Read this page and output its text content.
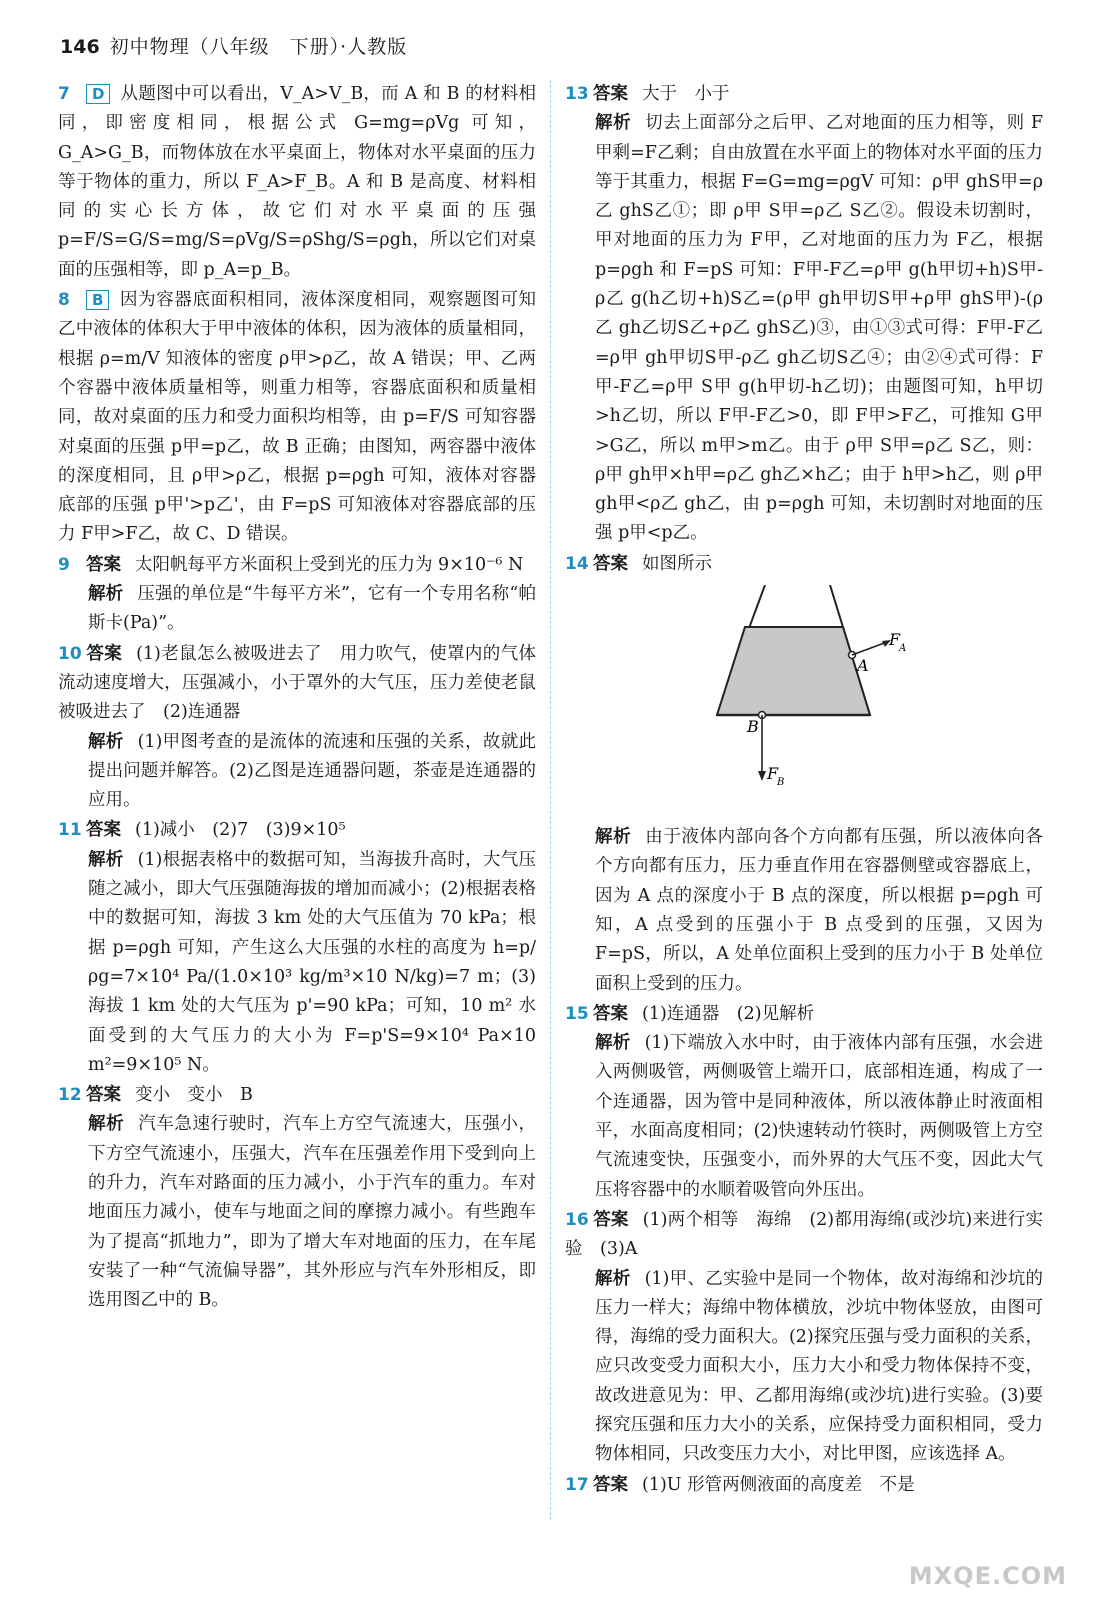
146 初中物理（八年级　下册）·人教版
7 D 从题图中可以看出，V_A>V_B，而 A 和 B 的材料相同，即密度相同，根据公式 G=mg=ρVg 可知，G_A>G_B，而物体放在水平桌面上，物体对水平桌面的压力等于物体的重力，所以 F_A>F_B。A 和 B 是高度、材料相同的实心长方体，故它们对水平桌面的压强 p=F/S=G/S=mg/S=ρVg/S=ρShg/S=ρgh，所以它们对桌面的压强相等，即 p_A=p_B。
8 B 因为容器底面积相同，液体深度相同，观察题图可知乙中液体的体积大于甲中液体的体积，因为液体的质量相同，根据 ρ=m/V 知液体的密度 ρ甲>ρ乙，故 A 错误；甲、乙两个容器中液体质量相等，则重力相等，容器底面积和质量相同，故对桌面的压力和受力面积均相等，由 p=F/S 可知容器对桌面的压强 p甲=p乙，故 B 正确；由图知，两容器中液体的深度相同，且 ρ甲>ρ乙，根据 p=ρgh 可知，液体对容器底部的压强 p甲'>p乙'，由 F=pS 可知液体对容器底部的压力 F甲>F乙，故 C、D 错误。
9 答案 太阳帆每平方米面积上受到光的压力为 9×10⁻⁶ N
解析 压强的单位是“牛每平方米”，它有一个专用名称“帕斯卡(Pa)”。
10 答案 (1)老鼠怎么被吸进去了　用力吹气，使罩内的气体流动速度增大，压强减小，小于罩外的大气压，压力差使老鼠被吸进去了　(2)连通器
解析 (1)甲图考查的是流体的流速和压强的关系，故就此提出问题并解答。(2)乙图是连通器问题，茶壶是连通器的应用。
11 答案 (1)减小　(2)7　(3)9×10⁵
解析 (1)根据表格中的数据可知，当海拔升高时，大气压随之减小，即大气压强随海拔的增加而减小；(2)根据表格中的数据可知，海拔 3 km 处的大气压值为 70 kPa；根据 p=ρgh 可知，产生这么大压强的水柱的高度为 h=p/ρg=7×10⁴ Pa/(1.0×10³ kg/m³×10 N/kg)=7 m；(3)海拔 1 km 处的大气压为 p'=90 kPa；可知，10 m² 水面受到的大气压力的大小为 F=p'S=9×10⁴ Pa×10 m²=9×10⁵ N。
12 答案 变小　变小　B
解析 汽车急速行驶时，汽车上方空气流速大，压强小，下方空气流速小，压强大，汽车在压强差作用下受到向上的升力，汽车对路面的压力减小，小于汽车的重力。车对地面压力减小，使车与地面之间的摩擦力减小。有些跑车为了提高“抓地力”，即为了增大车对地面的压力，在车尾安装了一种“气流偏导器”，其外形应与汽车外形相反，即选用图乙中的 B。
13 答案 大于　小于
解析 切去上面部分之后甲、乙对地面的压力相等，则 F甲剩=F乙剩；自由放置在水平面上的物体对水平面的压力等于其重力，根据 F=G=mg=ρgV 可知：ρ甲 ghS甲=ρ乙 ghS乙①；即 ρ甲 S甲=ρ乙 S乙②。假设未切割时，甲对地面的压力为 F甲，乙对地面的压力为 F乙，根据 p=ρgh 和 F=pS 可知：F甲-F乙=ρ甲 g(h甲切+h)S甲-ρ乙 g(h乙切+h)S乙=(ρ甲 gh甲切S甲+ρ甲 ghS甲)-(ρ乙 gh乙切S乙+ρ乙 ghS乙)③，由①③式可得：F甲-F乙=ρ甲 gh甲切S甲-ρ乙 gh乙切S乙④；由②④式可得：F甲-F乙=ρ甲 S甲 g(h甲切-h乙切)；由题图可知，h甲切>h乙切，所以 F甲-F乙>0，即 F甲>F乙，可推知 G甲>G乙，所以 m甲>m乙。由于 ρ甲 S甲=ρ乙 S乙，则：ρ甲 gh甲×h甲=ρ乙 gh乙×h乙；由于 h甲>h乙，则 ρ甲 gh甲<ρ乙 gh乙，由 p=ρgh 可知，未切割时对地面的压强 p甲<p乙。
14 答案 如图所示
A
F
A
B
F
B
解析 由于液体内部向各个方向都有压强，所以液体向各个方向都有压力，压力垂直作用在容器侧壁或容器底上，因为 A 点的深度小于 B 点的深度，所以根据 p=ρgh 可知，A 点受到的压强小于 B 点受到的压强，又因为 F=pS，所以，A 处单位面积上受到的压力小于 B 处单位面积上受到的压力。
15 答案 (1)连通器　(2)见解析
解析 (1)下端放入水中时，由于液体内部有压强，水会进入两侧吸管，两侧吸管上端开口，底部相连通，构成了一个连通器，因为管中是同种液体，所以液体静止时液面相平，水面高度相同；(2)快速转动竹筷时，两侧吸管上方空气流速变快，压强变小，而外界的大气压不变，因此大气压将容器中的水顺着吸管向外压出。
16 答案 (1)两个相等　海绵　(2)都用海绵(或沙坑)来进行实验　(3)A
解析 (1)甲、乙实验中是同一个物体，故对海绵和沙坑的压力一样大；海绵中物体横放，沙坑中物体竖放，由图可得，海绵的受力面积大。(2)探究压强与受力面积的关系，应只改变受力面积大小，压力大小和受力物体保持不变，故改进意见为：甲、乙都用海绵(或沙坑)进行实验。(3)要探究压强和压力大小的关系，应保持受力面积相同，受力物体相同，只改变压力大小，对比甲图，应该选择 A。
17 答案 (1)U 形管两侧液面的高度差　不是
MXQE.COM
